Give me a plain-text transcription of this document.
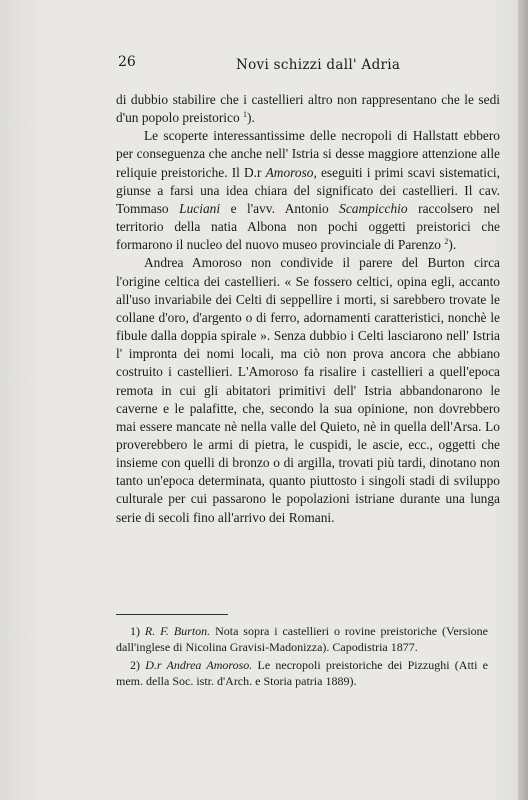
26	Novi schizzi dall' Adria

di dubbio stabilire che i castellieri altro non rappresentano che le sedi d'un popolo preistorico $^1$).

Le scoperte interessantissime delle necropoli di Hallstatt ebbero per conseguenza che anche nell' Istria si desse maggiore attenzione alle reliquie preistoriche. Il D.r Amoroso, eseguiti i primi scavi sistematici, giunse a farsi una idea chiara del significato dei castellieri. Il cav. Tommaso Luciani e l'avv. Antonio Scampicchio raccolsero nel territorio della natia Albona non pochi oggetti preistorici che formarono il nucleo del nuovo museo provinciale di Parenzo $^2$).

Andrea Amoroso non condivide il parere del Burton circa l'origine celtica dei castellieri. « Se fossero celtici, opina egli, accanto all'uso invariabile dei Celti di seppellire i morti, si sarebbero trovate le collane d'oro, d'argento o di ferro, adornamenti caratteristici, nonchè le fibule dalla doppia spirale ». Senza dubbio i Celti lasciarono nell' Istria l' impronta dei nomi locali, ma ciò non prova ancora che abbiano costruito i castellieri. L'Amoroso fa risalire i castellieri a quell'epoca remota in cui gli abitatori primitivi dell' Istria abbandonarono le caverne e le palafitte, che, secondo la sua opinione, non dovrebbero mai essere mancate nè nella valle del Quieto, nè in quella dell'Arsa. Lo proverebbero le armi di pietra, le cuspidi, le ascie, ecc., oggetti che insieme con quelli di bronzo o di argilla, trovati più tardi, dinotano non tanto un'epoca determinata, quanto piuttosto i singoli stadi di sviluppo culturale per cui passarono le popolazioni istriane durante una lunga serie di secoli fino all'arrivo dei Romani.

1) R. F. Burton. Nota sopra i castellieri o rovine preistoriche (Versione dall'inglese di Nicolina Gravisi-Madonizza). Capodistria 1877.

2) D.r Andrea Amoroso. Le necropoli preistoriche dei Pizzughi (Atti e mem. della Soc. istr. d'Arch. e Storia patria 1889).
